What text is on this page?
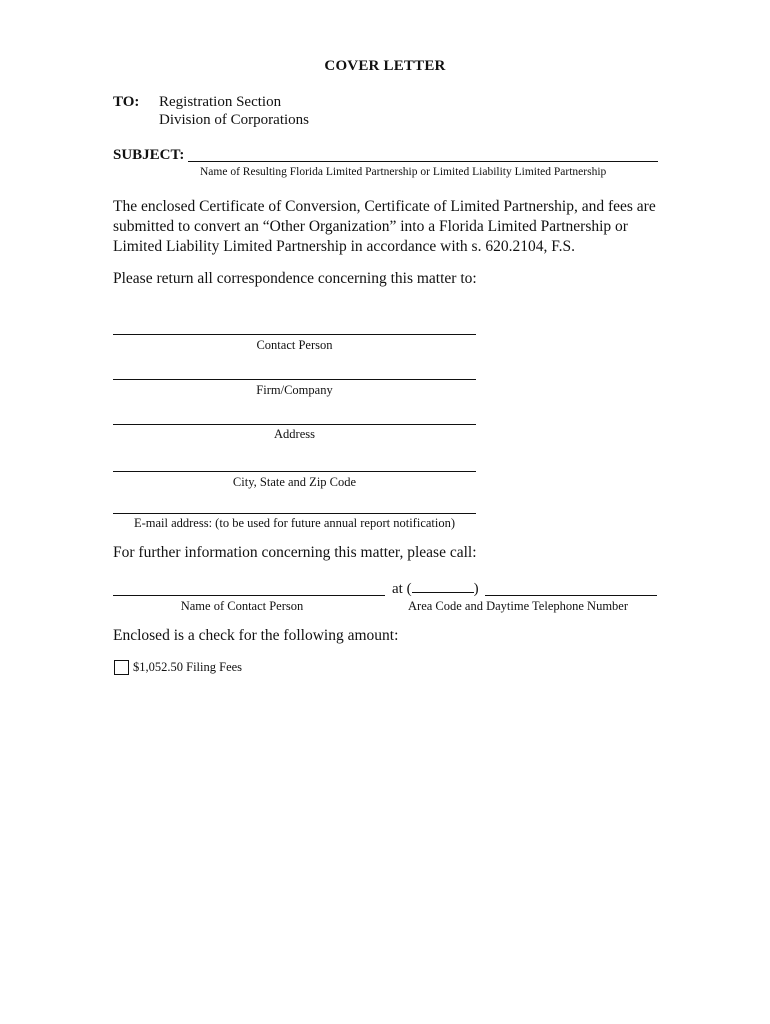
COVER LETTER
TO: Registration Section
Division of Corporations
SUBJECT:
Name of Resulting Florida Limited Partnership or Limited Liability Limited Partnership
The enclosed Certificate of Conversion, Certificate of Limited Partnership, and fees are
submitted to convert an “Other Organization” into a Florida Limited Partnership or
Limited Liability Limited Partnership in accordance with s. 620.2104, F.S.
Please return all correspondence concerning this matter to:
Contact Person
Firm/Company
Address
City, State and Zip Code
E-mail address: (to be used for future annual report notification)
For further information concerning this matter, please call:
at (	)
Name of Contact Person	Area Code and Daytime Telephone Number
Enclosed is a check for the following amount:
$1,052.50 Filing Fees
